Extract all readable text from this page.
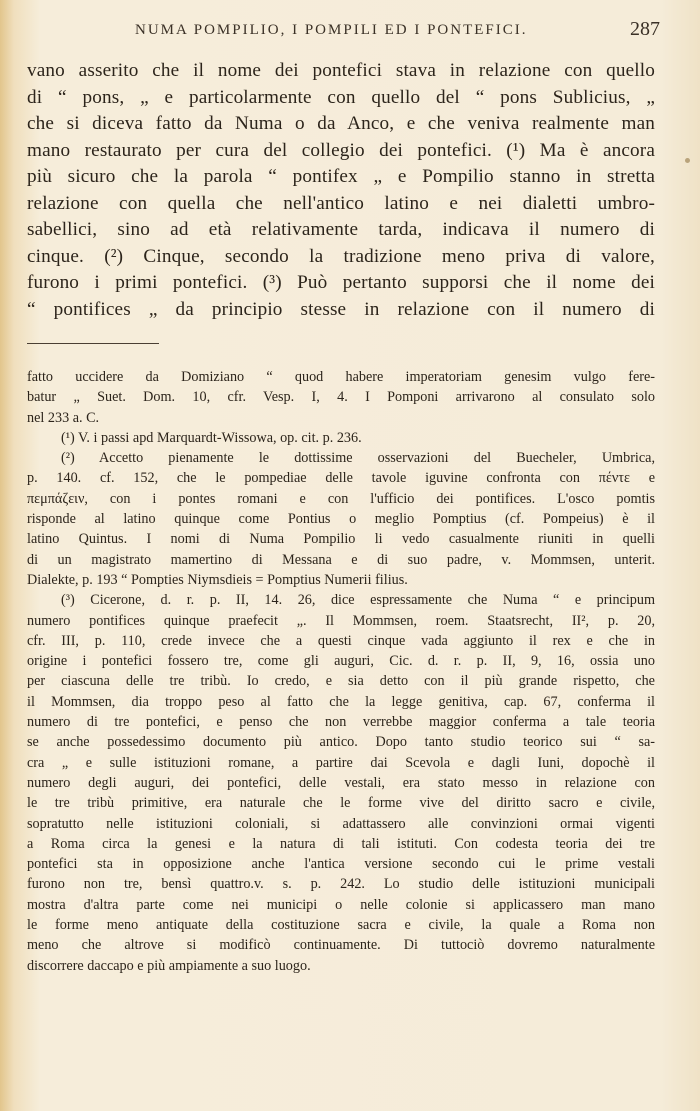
NUMA POMPILIO, I POMPILI ED I PONTEFICI.	287
vano asserito che il nome dei pontefici stava in relazione con quello
di “ pons, „ e particolarmente con quello del “ pons Sublicius, „
che si diceva fatto da Numa o da Anco, e che veniva realmente man
mano restaurato per cura del collegio dei pontefici. (¹) Ma è ancora
più sicuro che la parola “ pontifex „ e Pompilio stanno in stretta
relazione con quella che nell'antico latino e nei dialetti umbro-
sabellici, sino ad età relativamente tarda, indicava il numero di
cinque. (²) Cinque, secondo la tradizione meno priva di valore,
furono i primi pontefici. (³) Può pertanto supporsi che il nome dei
“ pontifices „ da principio stesse in relazione con il numero di
fatto uccidere da Domiziano “ quod habere imperatoriam genesim vulgo fere-
batur „ Suet. Dom. 10, cfr. Vesp. I, 4. I Pomponi arrivarono al consulato solo
nel 233 a. C.
(¹) V. i passi apd Marquardt-Wissowa, op. cit. p. 236.
(²) Accetto pienamente le dottissime osservazioni del Buecheler, Umbrica,
p. 140. cf. 152, che le pompediae delle tavole iguvine confronta con πέντε e
πεμπάζειν, con i pontes romani e con l'ufficio dei pontifices. L'osco pomtis
risponde al latino quinque come Pontius o meglio Pomptius (cf. Pompeius) è il
latino Quintus. I nomi di Numa Pompilio li vedo casualmente riuniti in quelli
di un magistrato mamertino di Messana e di suo padre, v. Mommsen, unterit.
Dialekte, p. 193 “ Pompties Niymsdieis = Pomptius Numerii filius.
(³) Cicerone, d. r. p. II, 14. 26, dice espressamente che Numa “ e principum
numero pontifices quinque praefecit „. Il Mommsen, roem. Staatsrecht, II², p. 20,
cfr. III, p. 110, crede invece che a questi cinque vada aggiunto il rex e che in
origine i pontefici fossero tre, come gli auguri, Cic. d. r. p. II, 9, 16, ossia uno
per ciascuna delle tre tribù. Io credo, e sia detto con il più grande rispetto, che
il Mommsen, dia troppo peso al fatto che la legge genitiva, cap. 67, conferma il
numero di tre pontefici, e penso che non verrebbe maggior conferma a tale teoria
se anche possedessimo documento più antico. Dopo tanto studio teorico sui “ sa-
cra „ e sulle istituzioni romane, a partire dai Scevola e dagli Iuni, dopochè il
numero degli auguri, dei pontefici, delle vestali, era stato messo in relazione con
le tre tribù primitive, era naturale che le forme vive del diritto sacro e civile,
sopratutto nelle istituzioni coloniali, si adattassero alle convinzioni ormai vigenti
a Roma circa la genesi e la natura di tali istituti. Con codesta teoria dei tre
pontefici sta in opposizione anche l'antica versione secondo cui le prime vestali
furono non tre, bensì quattro.v. s. p. 242. Lo studio delle istituzioni municipali
mostra d'altra parte come nei municipi o nelle colonie si applicassero man mano
le forme meno antiquate della costituzione sacra e civile, la quale a Roma non
meno che altrove si modificò continuamente. Di tuttociò dovremo naturalmente
discorrere daccapo e più ampiamente a suo luogo.
